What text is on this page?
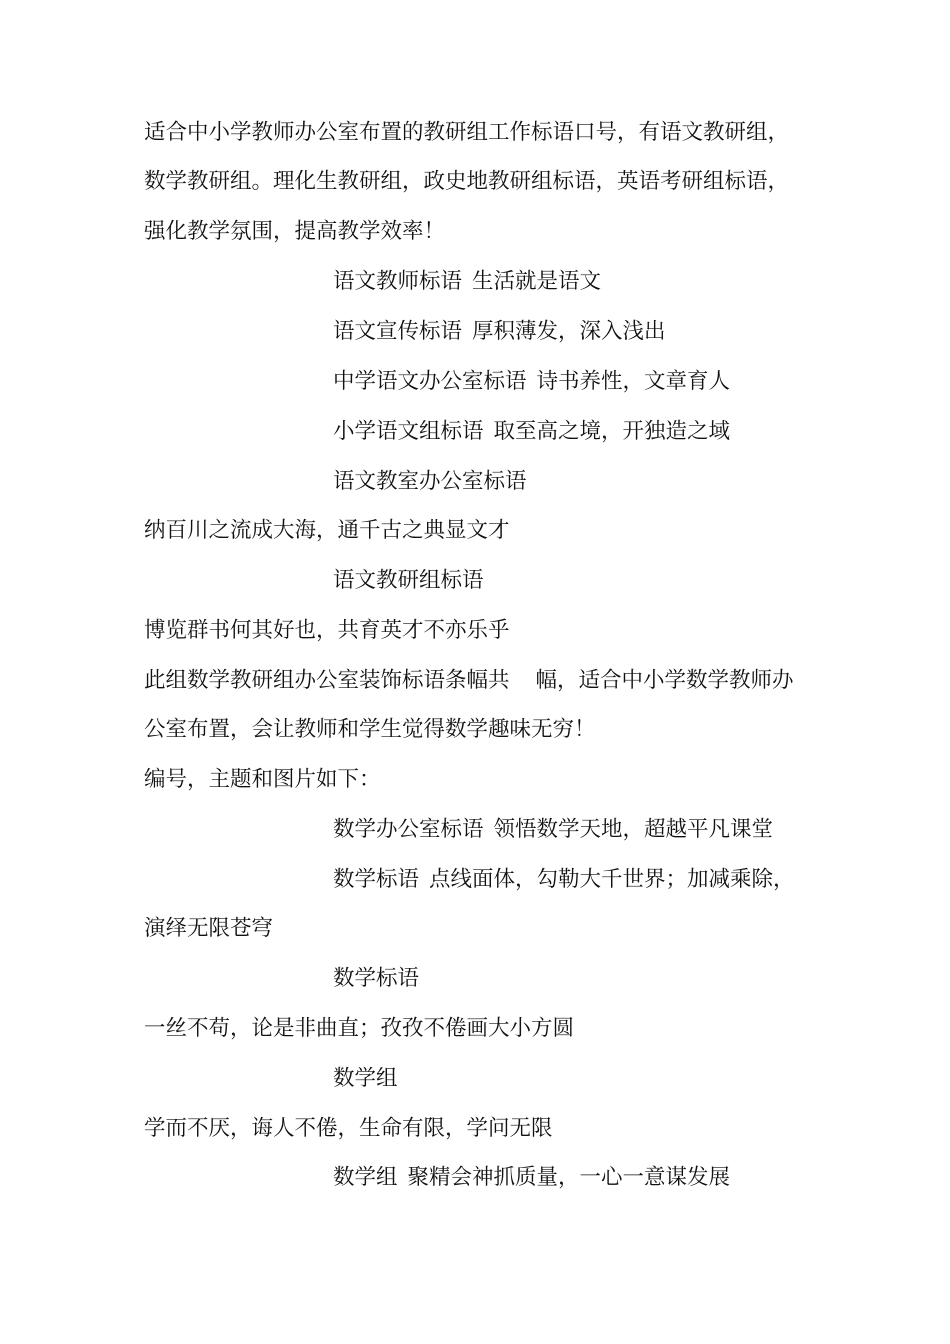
适合中小学教师办公室布置的教研组工作标语口号，有语文教研组，
数学教研组。理化生教研组，政史地教研组标语，英语考研组标语，
强化教学氛围，提高教学效率！
语文教师标语 生活就是语文
语文宣传标语 厚积薄发，深入浅出
中学语文办公室标语 诗书养性，文章育人
小学语文组标语 取至高之境，开独造之域
语文教室办公室标语
纳百川之流成大海，通千古之典显文才
语文教研组标语
博览群书何其好也，共育英才不亦乐乎
此组数学教研组办公室装饰标语条幅共 幅，适合中小学数学教师办
公室布置，会让教师和学生觉得数学趣味无穷！
编号，主题和图片如下：
数学办公室标语 领悟数学天地，超越平凡课堂
数学标语 点线面体，勾勒大千世界；加减乘除，
演绎无限苍穹
数学标语
一丝不苟，论是非曲直；孜孜不倦画大小方圆
数学组
学而不厌，诲人不倦，生命有限，学问无限
数学组 聚精会神抓质量，一心一意谋发展
